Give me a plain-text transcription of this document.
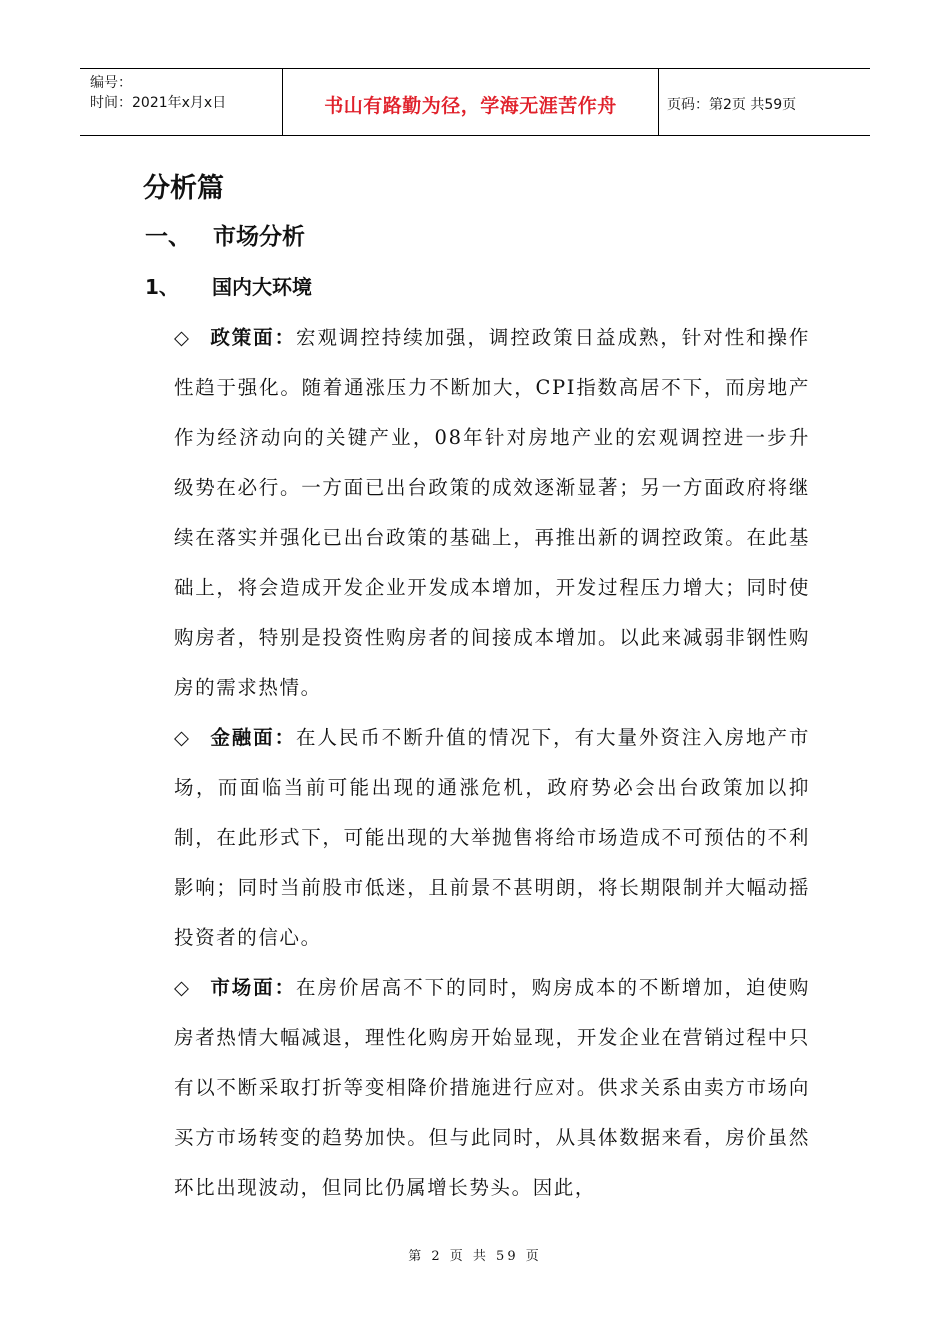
编号：
时间：2021年x月x日	书山有路勤为径，学海无涯苦作舟	页码：第2页 共59页
分析篇
一、 市场分析
1、	国内大环境

◇ 政策面：宏观调控持续加强，调控政策日益成熟，针对性和操作性趋于强化。随着通涨压力不断加大，CPI指数高居不下，而房地产作为经济动向的关键产业，08年针对房地产业的宏观调控进一步升级势在必行。一方面已出台政策的成效逐渐显著；另一方面政府将继续在落实并强化已出台政策的基础上，再推出新的调控政策。在此基础上，将会造成开发企业开发成本增加，开发过程压力增大；同时使购房者，特别是投资性购房者的间接成本增加。以此来减弱非钢性购房的需求热情。

◇ 金融面：在人民币不断升值的情况下，有大量外资注入房地产市场，而面临当前可能出现的通涨危机，政府势必会出台政策加以抑制，在此形式下，可能出现的大举抛售将给市场造成不可预估的不利影响；同时当前股市低迷，且前景不甚明朗，将长期限制并大幅动摇投资者的信心。

◇ 市场面：在房价居高不下的同时，购房成本的不断增加，迫使购房者热情大幅减退，理性化购房开始显现，开发企业在营销过程中只有以不断采取打折等变相降价措施进行应对。供求关系由卖方市场向买方市场转变的趋势加快。但与此同时，从具体数据来看，房价虽然环比出现波动，但同比仍属增长势头。因此，

第 2 页 共 59 页
